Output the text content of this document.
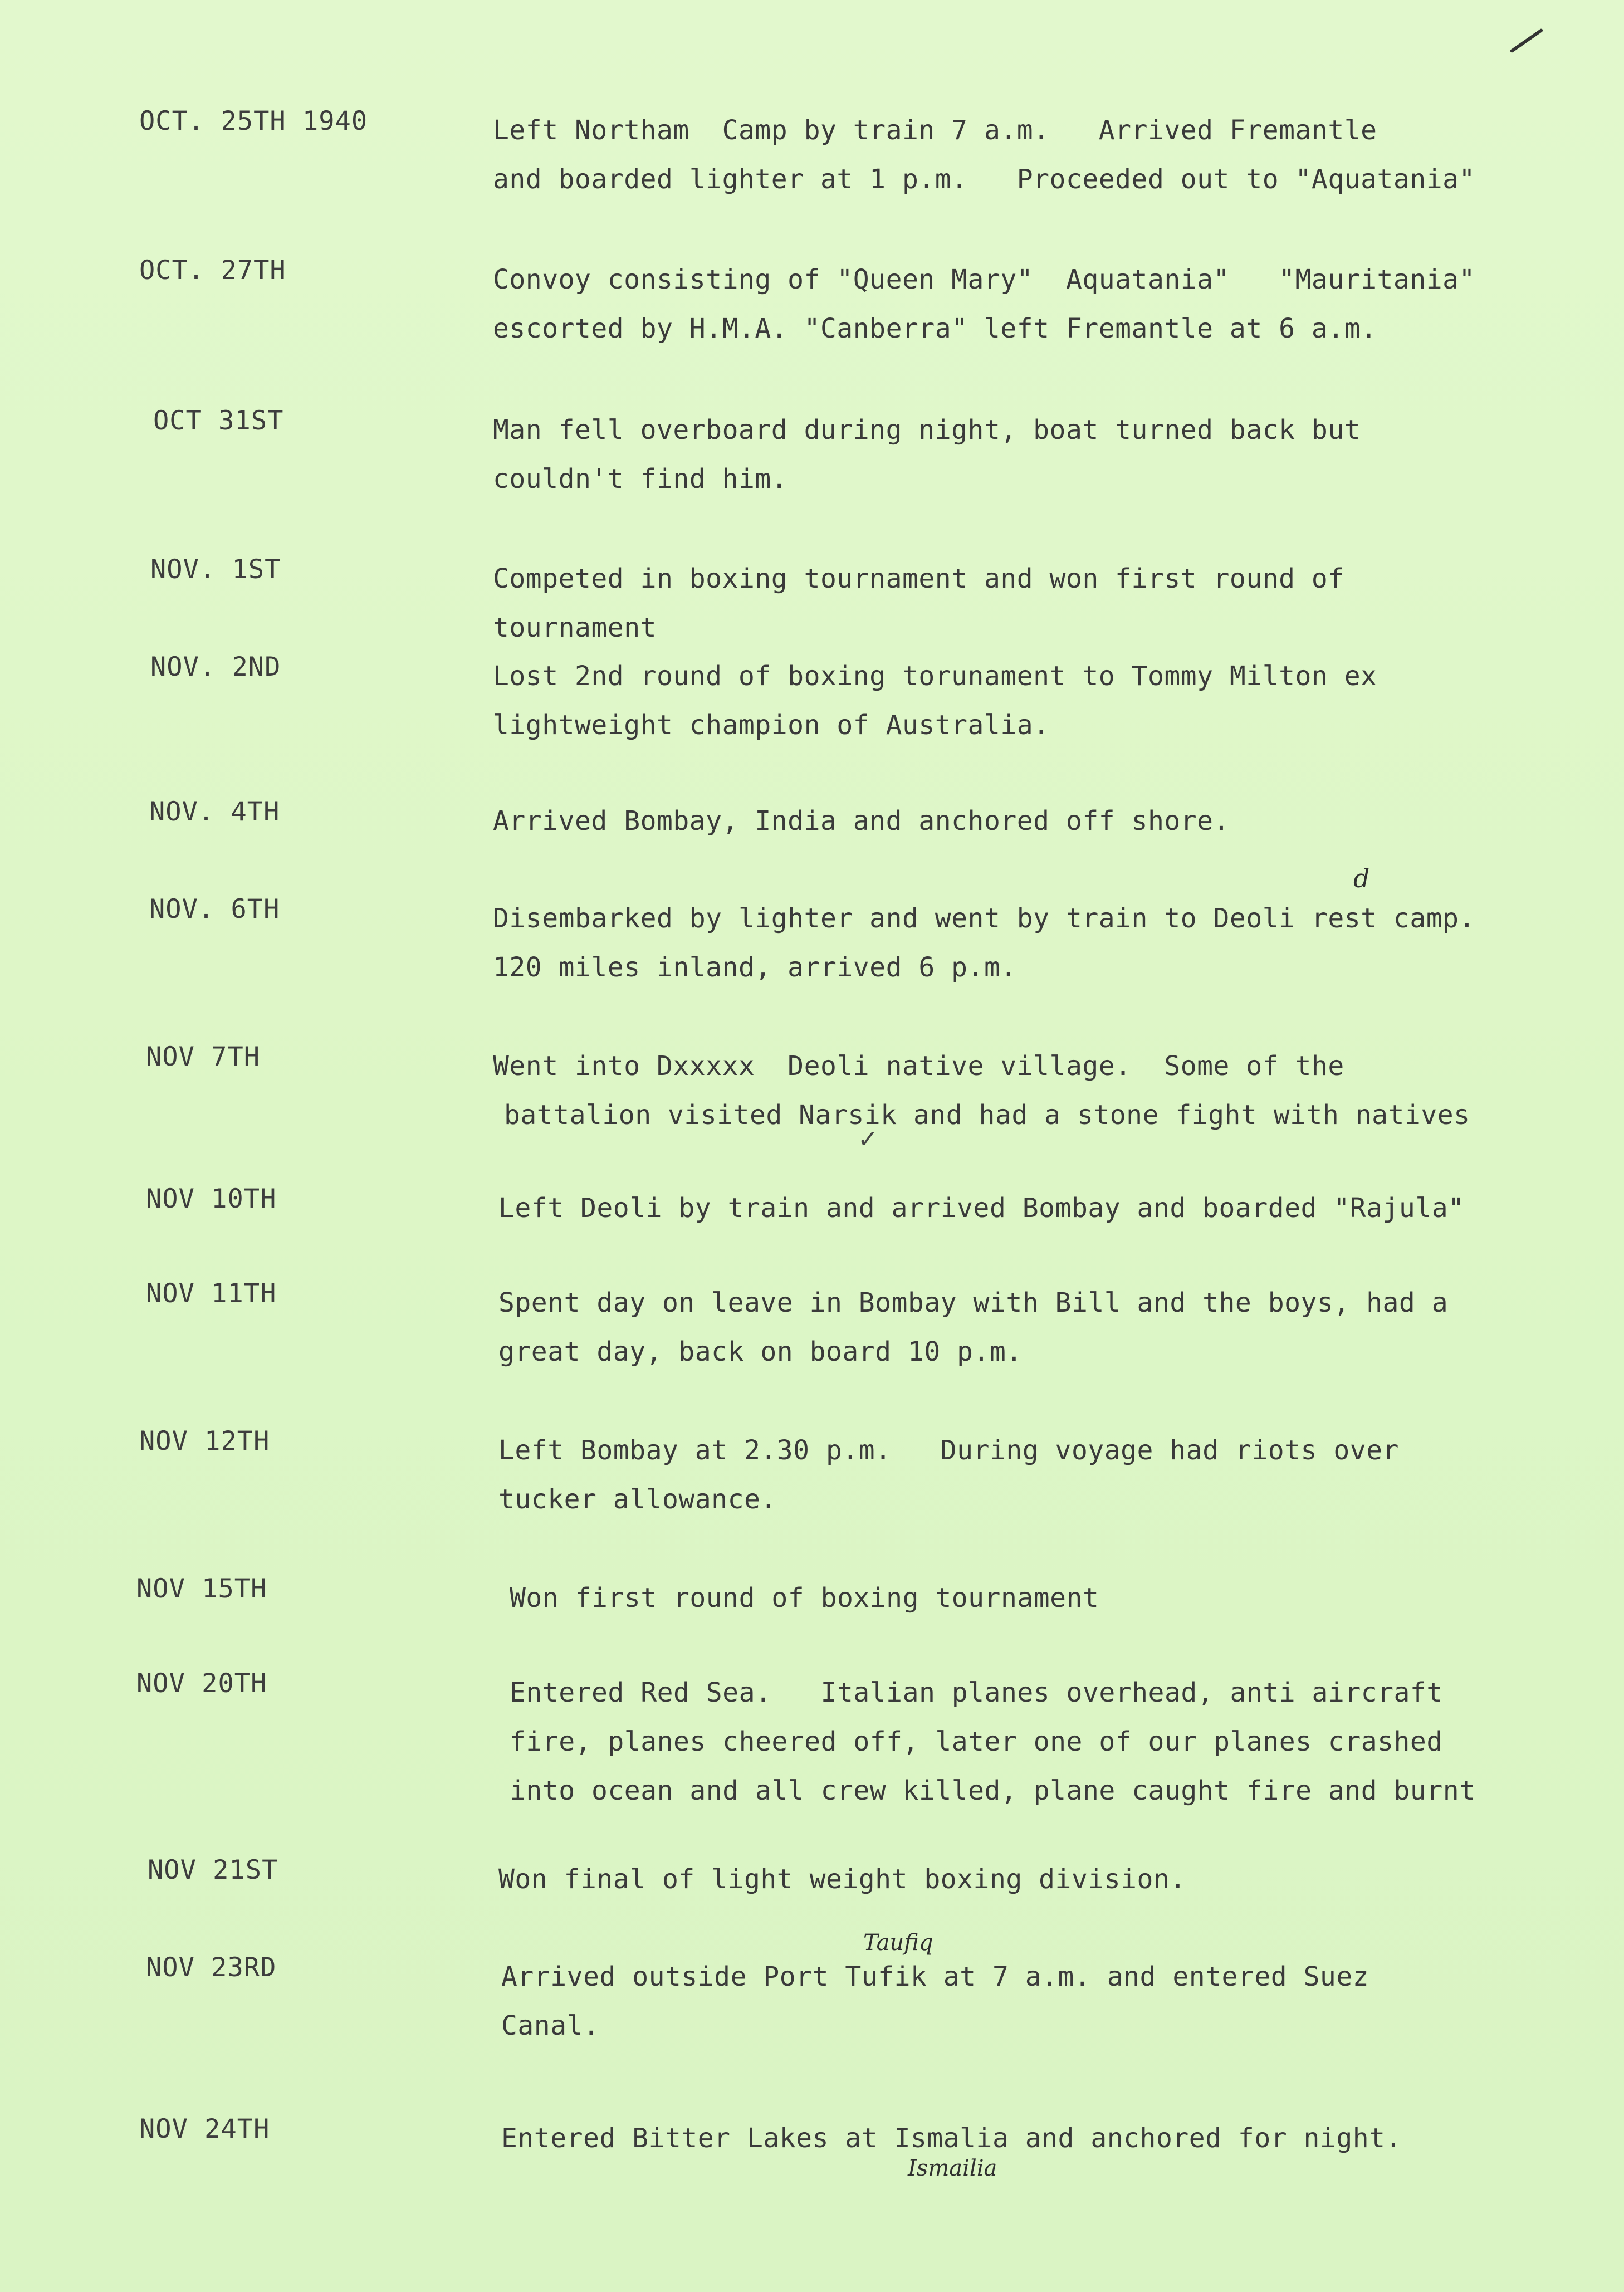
OCT. 25TH 1940	Left Northam  Camp by train 7 a.m.   Arrived Fremantle
and boarded lighter at 1 p.m.   Proceeded out to "Aquatania"
OCT. 27TH	Convoy consisting of "Queen Mary"  Aquatania"   "Mauritania"
escorted by H.M.A. "Canberra" left Fremantle at 6 a.m.
OCT 31ST	Man fell overboard during night, boat turned back but
couldn't find him.
NOV. 1ST	Competed in boxing tournament and won first round of
tournament
NOV. 2ND	Lost 2nd round of boxing torunament to Tommy Milton ex
lightweight champion of Australia.
NOV. 4TH	Arrived Bombay, India and anchored off shore.
NOV. 6TH	Disembarked by lighter and went by train to Deoli rest camp.
120 miles inland, arrived 6 p.m.
d
NOV 7TH	Went into Dxxxxx  Deoli native village.  Some of the
battalion visited Narsik and had a stone fight with natives
✓
NOV 10TH	Left Deoli by train and arrived Bombay and boarded "Rajula"
NOV 11TH	Spent day on leave in Bombay with Bill and the boys, had a
great day, back on board 10 p.m.
NOV 12TH	Left Bombay at 2.30 p.m.   During voyage had riots over
tucker allowance.
NOV 15TH	Won first round of boxing tournament
NOV 20TH	Entered Red Sea.   Italian planes overhead, anti aircraft
fire, planes cheered off, later one of our planes crashed
into ocean and all crew killed, plane caught fire and burnt
NOV 21ST	Won final of light weight boxing division.
NOV 23RD	Arrived outside Port Tufik at 7 a.m. and entered Suez
Canal.
Taufiq
NOV 24TH	Entered Bitter Lakes at Ismalia and anchored for night.
Ismailia
